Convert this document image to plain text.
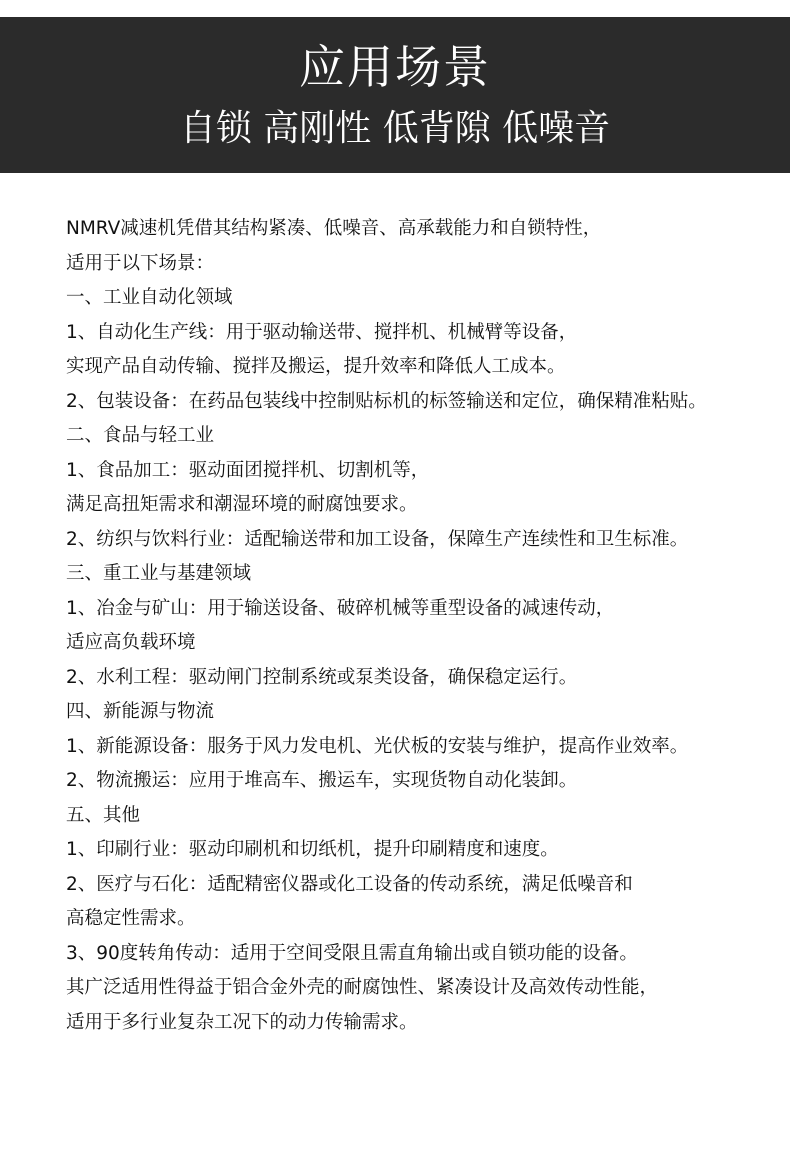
应用场景
自锁 高刚性 低背隙 低噪音
NMRV减速机凭借其结构紧凑、低噪音、高承载能力和自锁特性，
适用于以下场景：
一、工业自动化领域
1、自动化生产线：用于驱动输送带、搅拌机、机械臂等设备，
实现产品自动传输、搅拌及搬运，提升效率和降低人工成本。
2、包装设备：在药品包装线中控制贴标机的标签输送和定位，确保精准粘贴。
二、食品与轻工业
1、食品加工：驱动面团搅拌机、切割机等，
满足高扭矩需求和潮湿环境的耐腐蚀要求。
2、纺织与饮料行业：适配输送带和加工设备，保障生产连续性和卫生标准。
三、重工业与基建领域
1、冶金与矿山：用于输送设备、破碎机械等重型设备的减速传动，
适应高负载环境
2、水利工程：驱动闸门控制系统或泵类设备，确保稳定运行。
四、新能源与物流
1、新能源设备：服务于风力发电机、光伏板的安装与维护，提高作业效率。
2、物流搬运：应用于堆高车、搬运车，实现货物自动化装卸。
五、其他
1、印刷行业：驱动印刷机和切纸机，提升印刷精度和速度。
2、医疗与石化：适配精密仪器或化工设备的传动系统，满足低噪音和
高稳定性需求。
3、90度转角传动：适用于空间受限且需直角输出或自锁功能的设备。
其广泛适用性得益于铝合金外壳的耐腐蚀性、紧凑设计及高效传动性能，
适用于多行业复杂工况下的动力传输需求。
